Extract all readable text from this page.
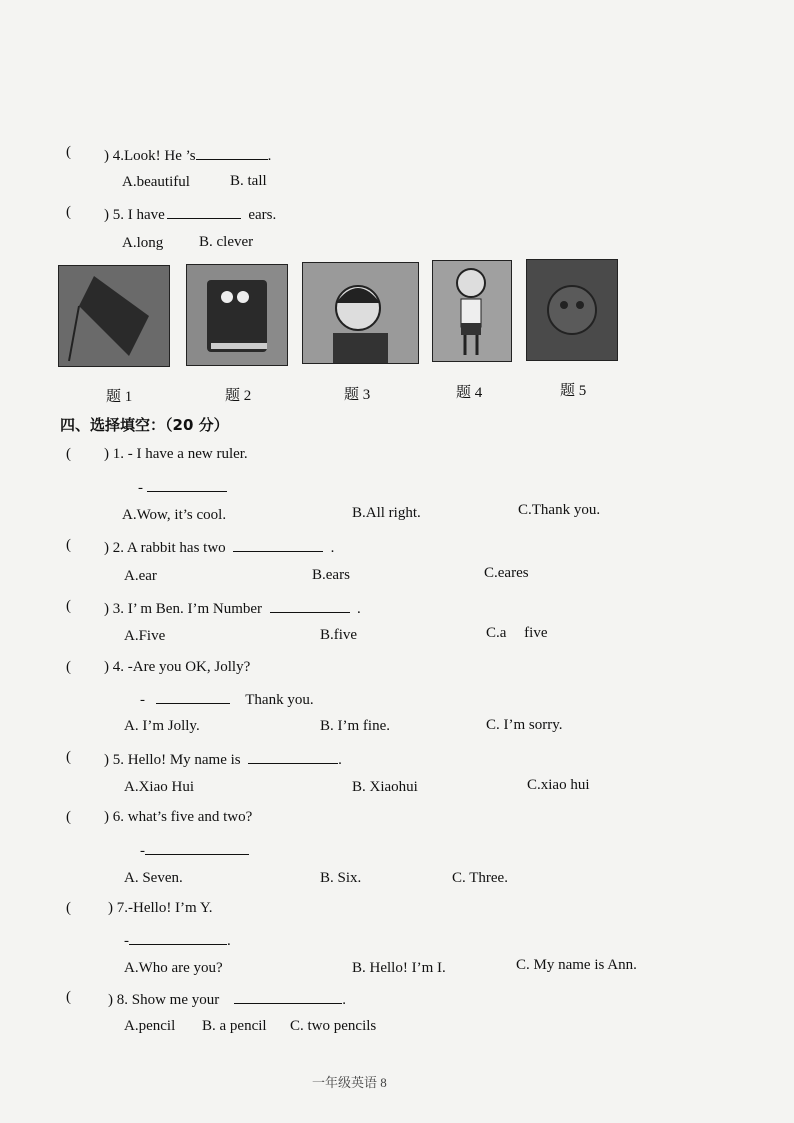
( ) 4.Look! He ’s	.
A.beautiful	B. tall
( ) 5. I have	ears.
A.long B. clever
题 1	题 2	题 3	题 4	题 5
四、选择填空：（20 分）
( ) 1. - I have a new ruler.
-
A.Wow, it’s cool.	B.All right.	C.Thank you.
( ) 2. A rabbit has two	.
A.ear	B.ears	C.eares
( ) 3. I’ m Ben. I’m Number	.
A.Five	B.five	C.a five
( ) 4. -Are you OK, Jolly?
-	Thank you.
A. I’m Jolly.	B. I’m fine.	C. I’m sorry.
( ) 5. Hello! My name is	.
A.Xiao Hui	B. Xiaohui	C.xiao hui
( ) 6. what’s five and two?
-
A. Seven.	B. Six.	C. Three.
( ) 7.-Hello! I’m Y.
-	.
A.Who are you?	B. Hello! I’m I.	C. My name is Ann.
( ) 8. Show me your	.
A.pencil B. a pencil C. two pencils
一年级英语 8
